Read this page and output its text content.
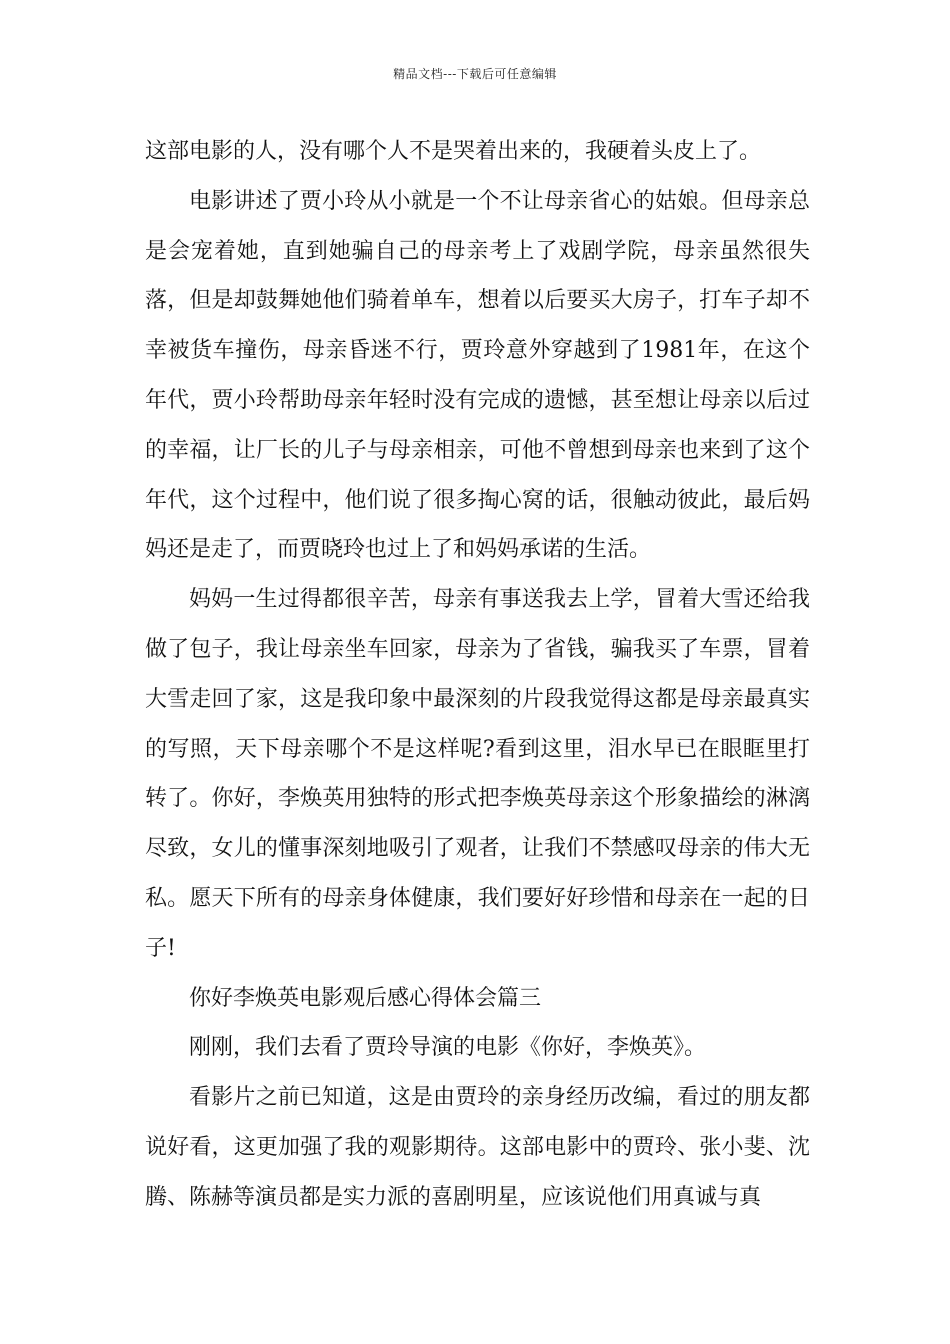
精品文档---下载后可任意编辑

这部电影的人，没有哪个人不是哭着出来的，我硬着头皮上了。

电影讲述了贾小玲从小就是一个不让母亲省心的姑娘。但母亲总是会宠着她，直到她骗自己的母亲考上了戏剧学院，母亲虽然很失落，但是却鼓舞她他们骑着单车，想着以后要买大房子，打车子却不幸被货车撞伤，母亲昏迷不行，贾玲意外穿越到了1981年，在这个年代，贾小玲帮助母亲年轻时没有完成的遗憾，甚至想让母亲以后过的幸福，让厂长的儿子与母亲相亲，可他不曾想到母亲也来到了这个年代，这个过程中，他们说了很多掏心窝的话，很触动彼此，最后妈妈还是走了，而贾晓玲也过上了和妈妈承诺的生活。

妈妈一生过得都很辛苦，母亲有事送我去上学，冒着大雪还给我做了包子，我让母亲坐车回家，母亲为了省钱，骗我买了车票，冒着大雪走回了家，这是我印象中最深刻的片段我觉得这都是母亲最真实的写照，天下母亲哪个不是这样呢?看到这里，泪水早已在眼眶里打转了。你好，李焕英用独特的形式把李焕英母亲这个形象描绘的淋漓尽致，女儿的懂事深刻地吸引了观者，让我们不禁感叹母亲的伟大无私。愿天下所有的母亲身体健康，我们要好好珍惜和母亲在一起的日子!

你好李焕英电影观后感心得体会篇三

刚刚，我们去看了贾玲导演的电影《你好，李焕英》。

看影片之前已知道，这是由贾玲的亲身经历改编，看过的朋友都说好看，这更加强了我的观影期待。这部电影中的贾玲、张小斐、沈腾、陈赫等演员都是实力派的喜剧明星，应该说他们用真诚与真
